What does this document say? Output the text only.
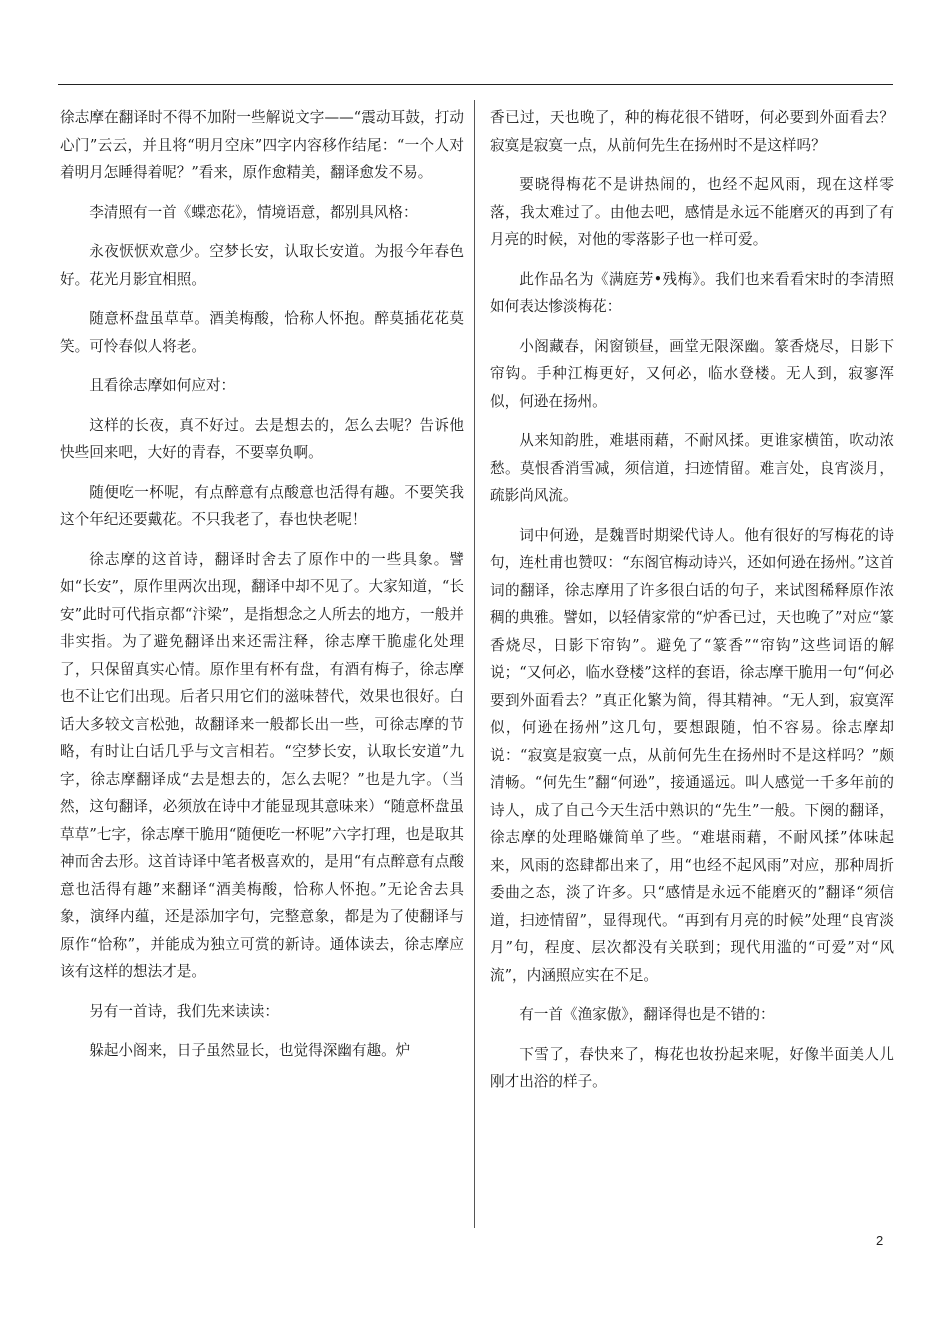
徐志摩在翻译时不得不加附一些解说文字——“震动耳鼓，打动心门”云云，并且将“明月空床”四字内容移作结尾：“一个人对着明月怎睡得着呢？”看来，原作愈精美，翻译愈发不易。

李清照有一首《蝶恋花》，情境语意，都别具风格：

永夜恹恹欢意少。空梦长安，认取长安道。为报今年春色好。花光月影宜相照。

随意杯盘虽草草。酒美梅酸，恰称人怀抱。醉莫插花花莫笑。可怜春似人将老。

且看徐志摩如何应对：

这样的长夜，真不好过。去是想去的，怎么去呢？告诉他快些回来吧，大好的青春，不要辜负啊。

随便吃一杯呢，有点醉意有点酸意也活得有趣。不要笑我这个年纪还要戴花。不只我老了，春也快老呢！

徐志摩的这首诗，翻译时舍去了原作中的一些具象。譬如“长安”，原作里两次出现，翻译中却不见了。大家知道，“长安”此时可代指京都“汴梁”，是指想念之人所去的地方，一般并非实指。为了避免翻译出来还需注释，徐志摩干脆虚化处理了，只保留真实心情。原作里有杯有盘，有酒有梅子，徐志摩也不让它们出现。后者只用它们的滋味替代，效果也很好。白话大多较文言松弛，故翻译来一般都长出一些，可徐志摩的节略，有时让白话几乎与文言相若。“空梦长安，认取长安道”九字，徐志摩翻译成“去是想去的，怎么去呢？”也是九字。（当然，这句翻译，必须放在诗中才能显现其意味来）“随意杯盘虽草草”七字，徐志摩干脆用“随便吃一杯呢”六字打理，也是取其神而舍去形。这首诗译中笔者极喜欢的，是用“有点醉意有点酸意也活得有趣”来翻译“酒美梅酸，恰称人怀抱。”无论舍去具象，演绎内蕴，还是添加字句，完整意象，都是为了使翻译与原作“恰称”，并能成为独立可赏的新诗。通体读去，徐志摩应该有这样的想法才是。

另有一首诗，我们先来读读：

躲起小阁来，日子虽然显长，也觉得深幽有趣。炉

香已过，天也晚了，种的梅花很不错呀，何必要到外面看去？寂寞是寂寞一点，从前何先生在扬州时不是这样吗？

要晓得梅花不是讲热闹的，也经不起风雨，现在这样零落，我太难过了。由他去吧，感情是永远不能磨灭的再到了有月亮的时候，对他的零落影子也一样可爱。

此作品名为《满庭芳•残梅》。我们也来看看宋时的李清照如何表达惨淡梅花：

小阁藏春，闲窗锁昼，画堂无限深幽。篆香烧尽，日影下帘钩。手种江梅更好，又何必，临水登楼。无人到，寂寥浑似，何逊在扬州。

从来知韵胜，难堪雨藉，不耐风揉。更谁家横笛，吹动浓愁。莫恨香消雪减，须信道，扫迹情留。难言处，良宵淡月，疏影尚风流。

词中何逊，是魏晋时期梁代诗人。他有很好的写梅花的诗句，连杜甫也赞叹：“东阁官梅动诗兴，还如何逊在扬州。”这首词的翻译，徐志摩用了许多很白话的句子，来试图稀释原作浓稠的典雅。譬如，以轻倩家常的“炉香已过，天也晚了”对应“篆香烧尽，日影下帘钩”。避免了“篆香”“帘钩”这些词语的解说；“又何必，临水登楼”这样的套语，徐志摩干脆用一句“何必要到外面看去？”真正化繁为简，得其精神。“无人到，寂寞浑似，何逊在扬州”这几句，要想跟随，怕不容易。徐志摩却说：“寂寞是寂寞一点，从前何先生在扬州时不是这样吗？”颇清畅。“何先生”翻“何逊”，接通遥远。叫人感觉一千多年前的诗人，成了自己今天生活中熟识的“先生”一般。下阕的翻译，徐志摩的处理略嫌简单了些。“难堪雨藉，不耐风揉”体味起来，风雨的恣肆都出来了，用“也经不起风雨”对应，那种周折委曲之态，淡了许多。只“感情是永远不能磨灭的”翻译“须信道，扫迹情留”，显得现代。“再到有月亮的时候”处理“良宵淡月”句，程度、层次都没有关联到；现代用滥的“可爱”对“风流”，内涵照应实在不足。

有一首《渔家傲》，翻译得也是不错的：

下雪了，春快来了，梅花也妆扮起来呢，好像半面美人儿刚才出浴的样子。

2
